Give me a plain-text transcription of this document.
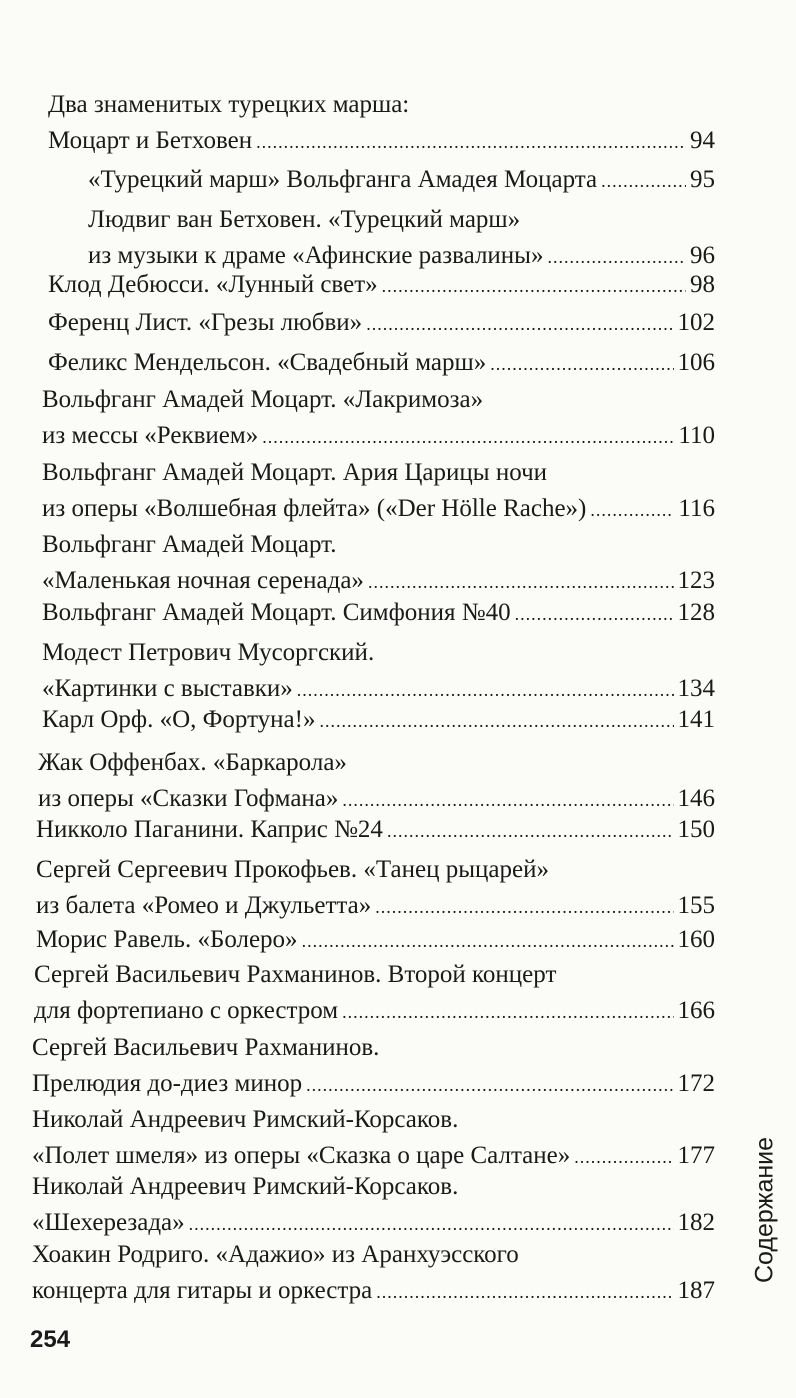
Два знаменитых турецких марша:
Моцарт и Бетховен .....	94
«Турецкий марш» Вольфганга Амадея Моцарта .....	95
Людвиг ван Бетховен. «Турецкий марш»
из музыки к драме «Афинские развалины» .....	96
Клод Дебюсси. «Лунный свет» .....	98
Ференц Лист. «Грезы любви» .....	102
Феликс Мендельсон. «Свадебный марш» .....	106
Вольфганг Амадей Моцарт. «Лакримоза»
из мессы «Реквием» .....	110
Вольфганг Амадей Моцарт. Ария Царицы ночи
из оперы «Волшебная флейта» («Der Hölle Rache») .....	116
Вольфганг Амадей Моцарт.
«Маленькая ночная серенада» .....	123
Вольфганг Амадей Моцарт. Симфония №40 .....	128
Модест Петрович Мусоргский.
«Картинки с выставки» .....	134
Карл Орф. «О, Фортуна!» .....	141
Жак Оффенбах. «Баркарола»
из оперы «Сказки Гофмана» .....	146
Никколо Паганини. Каприс №24 .....	150
Сергей Сергеевич Прокофьев. «Танец рыцарей»
из балета «Ромео и Джульетта» .....	155
Морис Равель. «Болеро» .....	160
Сергей Васильевич Рахманинов. Второй концерт
для фортепиано с оркестром .....	166
Сергей Васильевич Рахманинов.
Прелюдия до-диез минор .....	172
Николай Андреевич Римский-Корсаков.
«Полет шмеля» из оперы «Сказка о царе Салтане» .....	177
Николай Андреевич Римский-Корсаков.
«Шехерезада» .....	182
Хоакин Родриго. «Адажио» из Аранхуэсского
концерта для гитары и оркестра .....	187
Содержание
254
